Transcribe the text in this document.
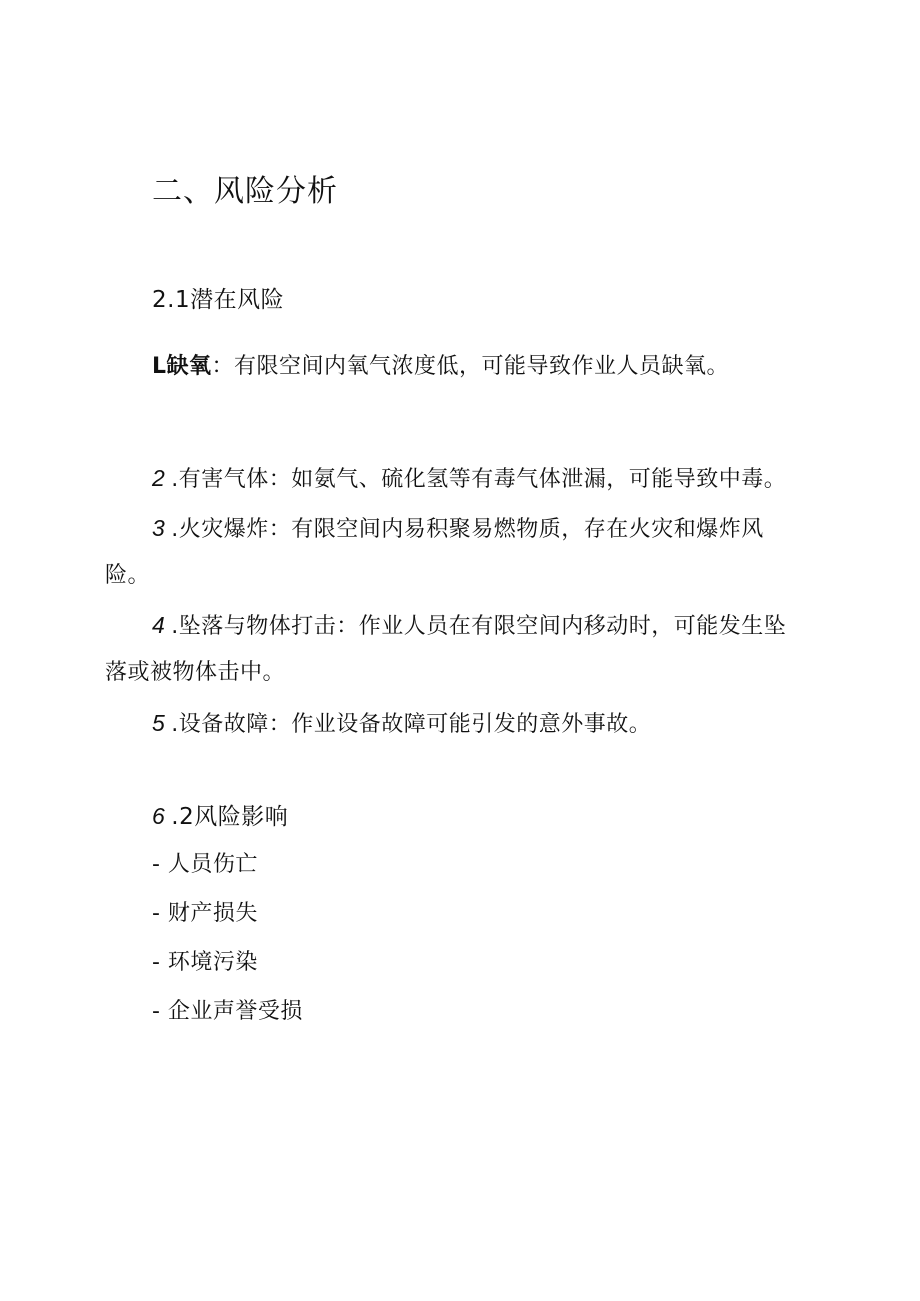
二、风险分析
2.1潜在风险
L缺氧：有限空间内氧气浓度低，可能导致作业人员缺氧。
2 .有害气体：如氨气、硫化氢等有毒气体泄漏，可能导致中毒。
3 .火灾爆炸：有限空间内易积聚易燃物质，存在火灾和爆炸风
险。
4 .坠落与物体打击：作业人员在有限空间内移动时，可能发生坠
落或被物体击中。
5 .设备故障：作业设备故障可能引发的意外事故。
6 .2风险影响
- 人员伤亡
- 财产损失
- 环境污染
- 企业声誉受损
